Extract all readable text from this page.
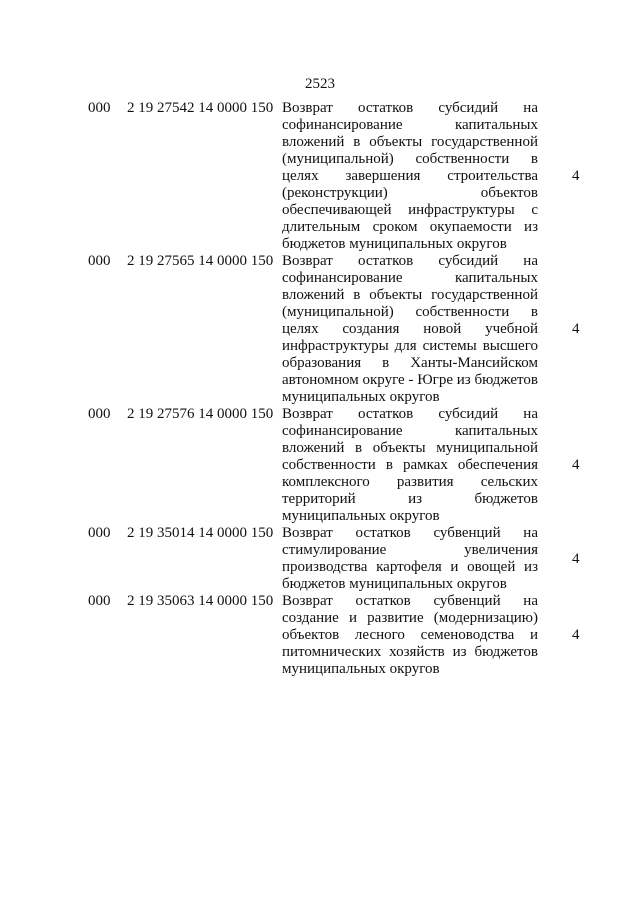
2523
000 2 19 27542 14 0000 150 Возврат остатков субсидий на софинансирование капитальных вложений в объекты государственной (муниципальной) собственности в целях завершения строительства (реконструкции) объектов обеспечивающей инфраструктуры с длительным сроком окупаемости из бюджетов муниципальных округов
4
000 2 19 27565 14 0000 150 Возврат остатков субсидий на софинансирование капитальных вложений в объекты государственной (муниципальной) собственности в целях создания новой учебной инфраструктуры для системы высшего образования в Ханты-Мансийском автономном округе - Югре из бюджетов муниципальных округов
4
000 2 19 27576 14 0000 150 Возврат остатков субсидий на софинансирование капитальных вложений в объекты муниципальной собственности в рамках обеспечения комплексного развития сельских территорий из бюджетов муниципальных округов
4
000 2 19 35014 14 0000 150 Возврат остатков субвенций на стимулирование увеличения производства картофеля и овощей из бюджетов муниципальных округов
4
000 2 19 35063 14 0000 150 Возврат остатков субвенций на создание и развитие (модернизацию) объектов лесного семеноводства и питомнических хозяйств из бюджетов муниципальных округов
4
